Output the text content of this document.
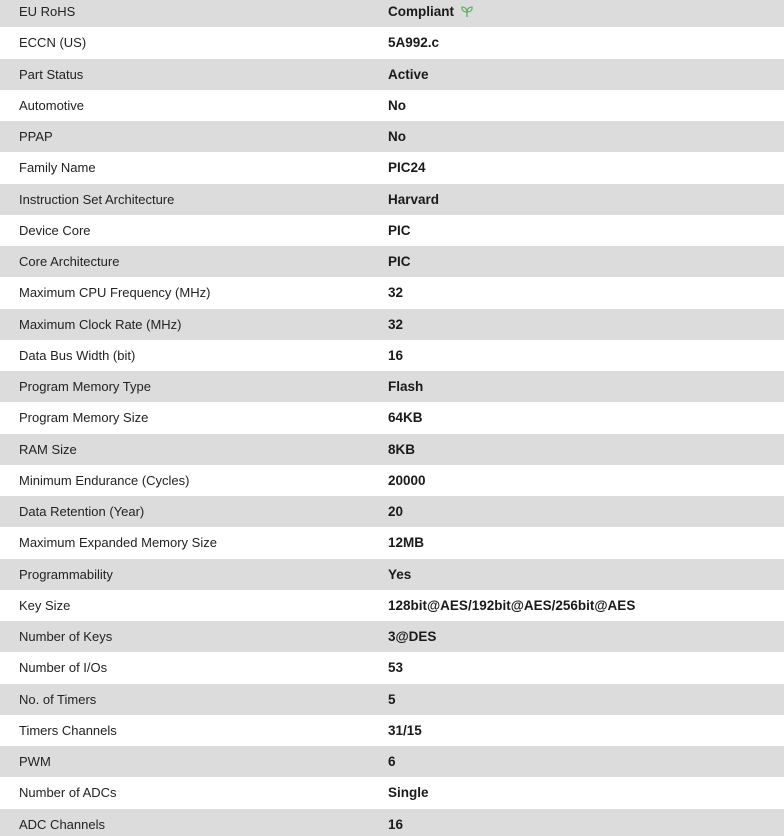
EU RoHS	Compliant
ECCN (US)	5A992.c
Part Status	Active
Automotive	No
PPAP	No
Family Name	PIC24
Instruction Set Architecture	Harvard
Device Core	PIC
Core Architecture	PIC
Maximum CPU Frequency (MHz)	32
Maximum Clock Rate (MHz)	32
Data Bus Width (bit)	16
Program Memory Type	Flash
Program Memory Size	64KB
RAM Size	8KB
Minimum Endurance (Cycles)	20000
Data Retention (Year)	20
Maximum Expanded Memory Size	12MB
Programmability	Yes
Key Size	128bit@AES/192bit@AES/256bit@AES
Number of Keys	3@DES
Number of I/Os	53
No. of Timers	5
Timers Channels	31/15
PWM	6
Number of ADCs	Single
ADC Channels	16
